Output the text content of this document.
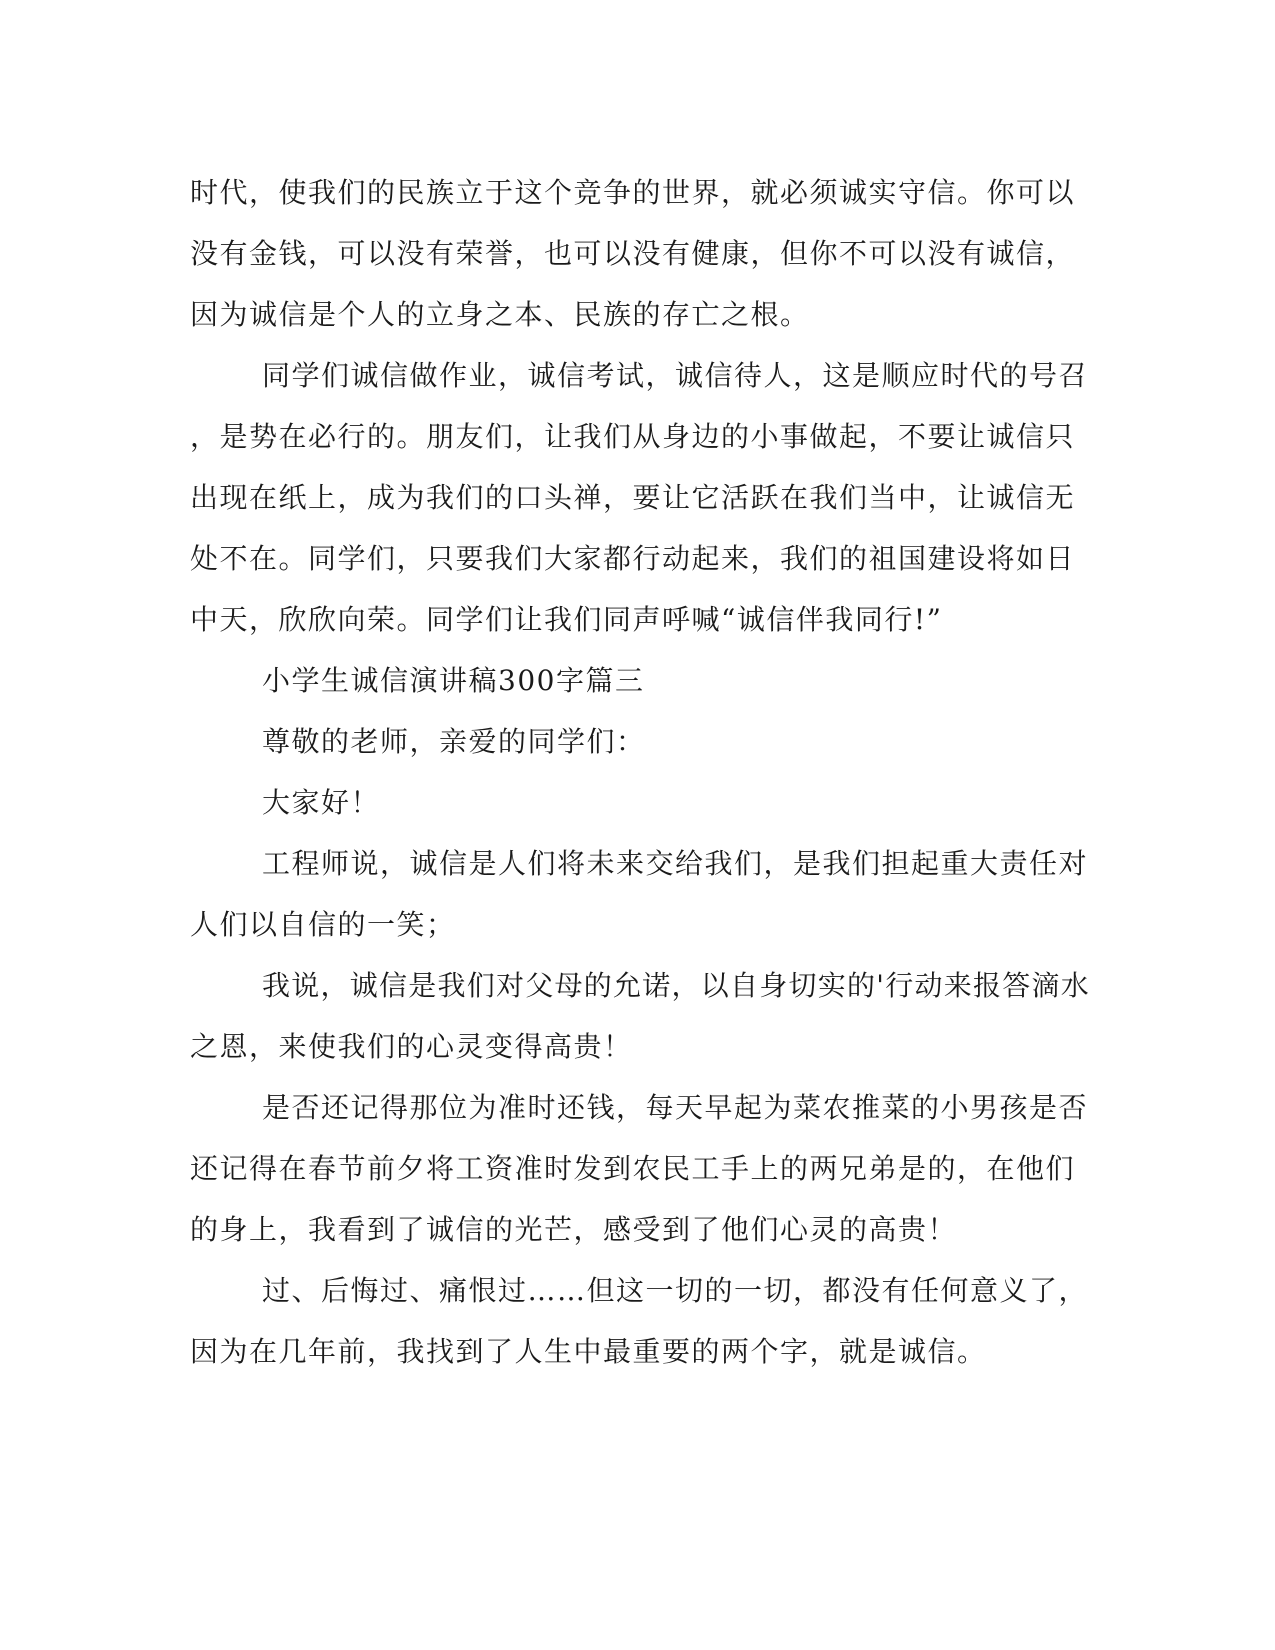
时代，使我们的民族立于这个竞争的世界，就必须诚实守信。你可以
没有金钱，可以没有荣誉，也可以没有健康，但你不可以没有诚信，
因为诚信是个人的立身之本、民族的存亡之根。
同学们诚信做作业，诚信考试，诚信待人，这是顺应时代的号召
，是势在必行的。朋友们，让我们从身边的小事做起，不要让诚信只
出现在纸上，成为我们的口头禅，要让它活跃在我们当中，让诚信无
处不在。同学们，只要我们大家都行动起来，我们的祖国建设将如日
中天，欣欣向荣。同学们让我们同声呼喊“诚信伴我同行!”
小学生诚信演讲稿300字篇三
尊敬的老师，亲爱的同学们：
大家好！
工程师说，诚信是人们将未来交给我们，是我们担起重大责任对
人们以自信的一笑；
我说，诚信是我们对父母的允诺，以自身切实的'行动来报答滴水
之恩，来使我们的心灵变得高贵！
是否还记得那位为准时还钱，每天早起为菜农推菜的小男孩是否
还记得在春节前夕将工资准时发到农民工手上的两兄弟是的，在他们
的身上，我看到了诚信的光芒，感受到了他们心灵的高贵！
过、后悔过、痛恨过……但这一切的一切，都没有任何意义了，
因为在几年前，我找到了人生中最重要的两个字，就是诚信。
